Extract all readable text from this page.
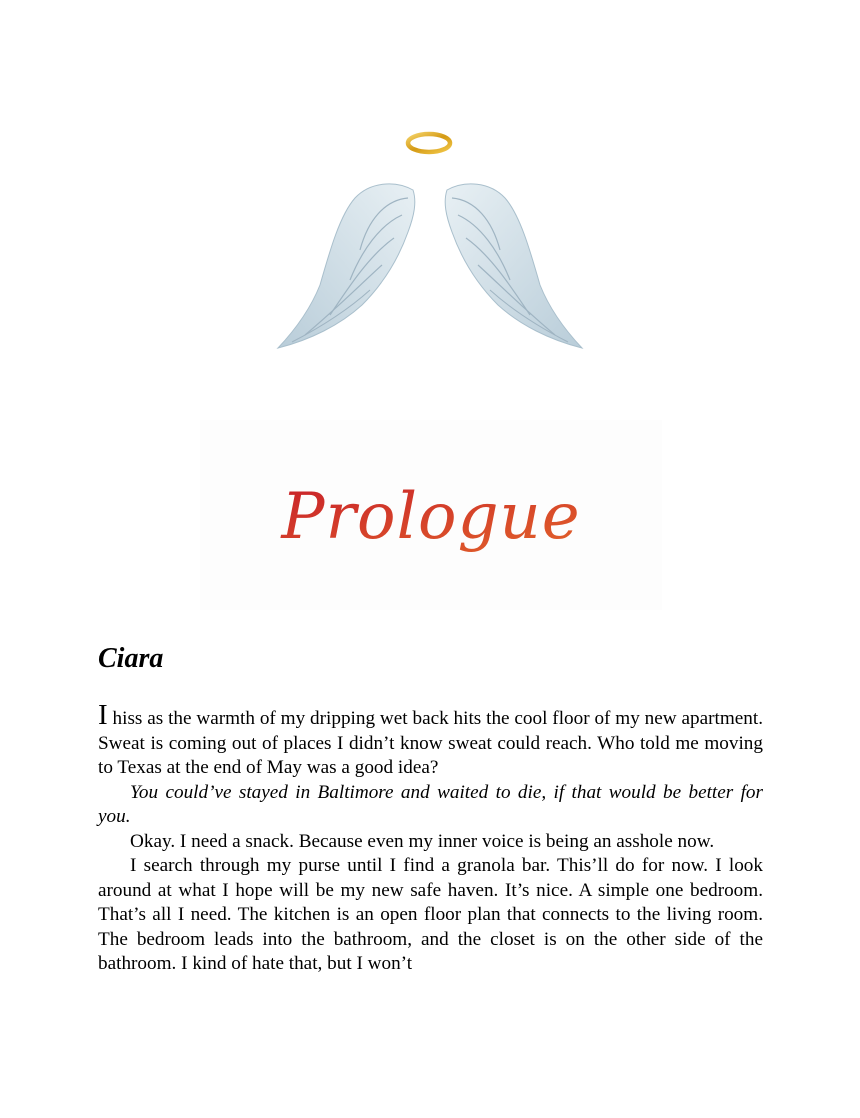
Prologue
Ciara

I hiss as the warmth of my dripping wet back hits the cool floor of my new apartment. Sweat is coming out of places I didn’t know sweat could reach. Who told me moving to Texas at the end of May was a good idea?

You could’ve stayed in Baltimore and waited to die, if that would be better for you.

Okay. I need a snack. Because even my inner voice is being an asshole now.

I search through my purse until I find a granola bar. This’ll do for now. I look around at what I hope will be my new safe haven. It’s nice. A simple one bedroom. That’s all I need. The kitchen is an open floor plan that connects to the living room. The bedroom leads into the bathroom, and the closet is on the other side of the bathroom. I kind of hate that, but I won’t
